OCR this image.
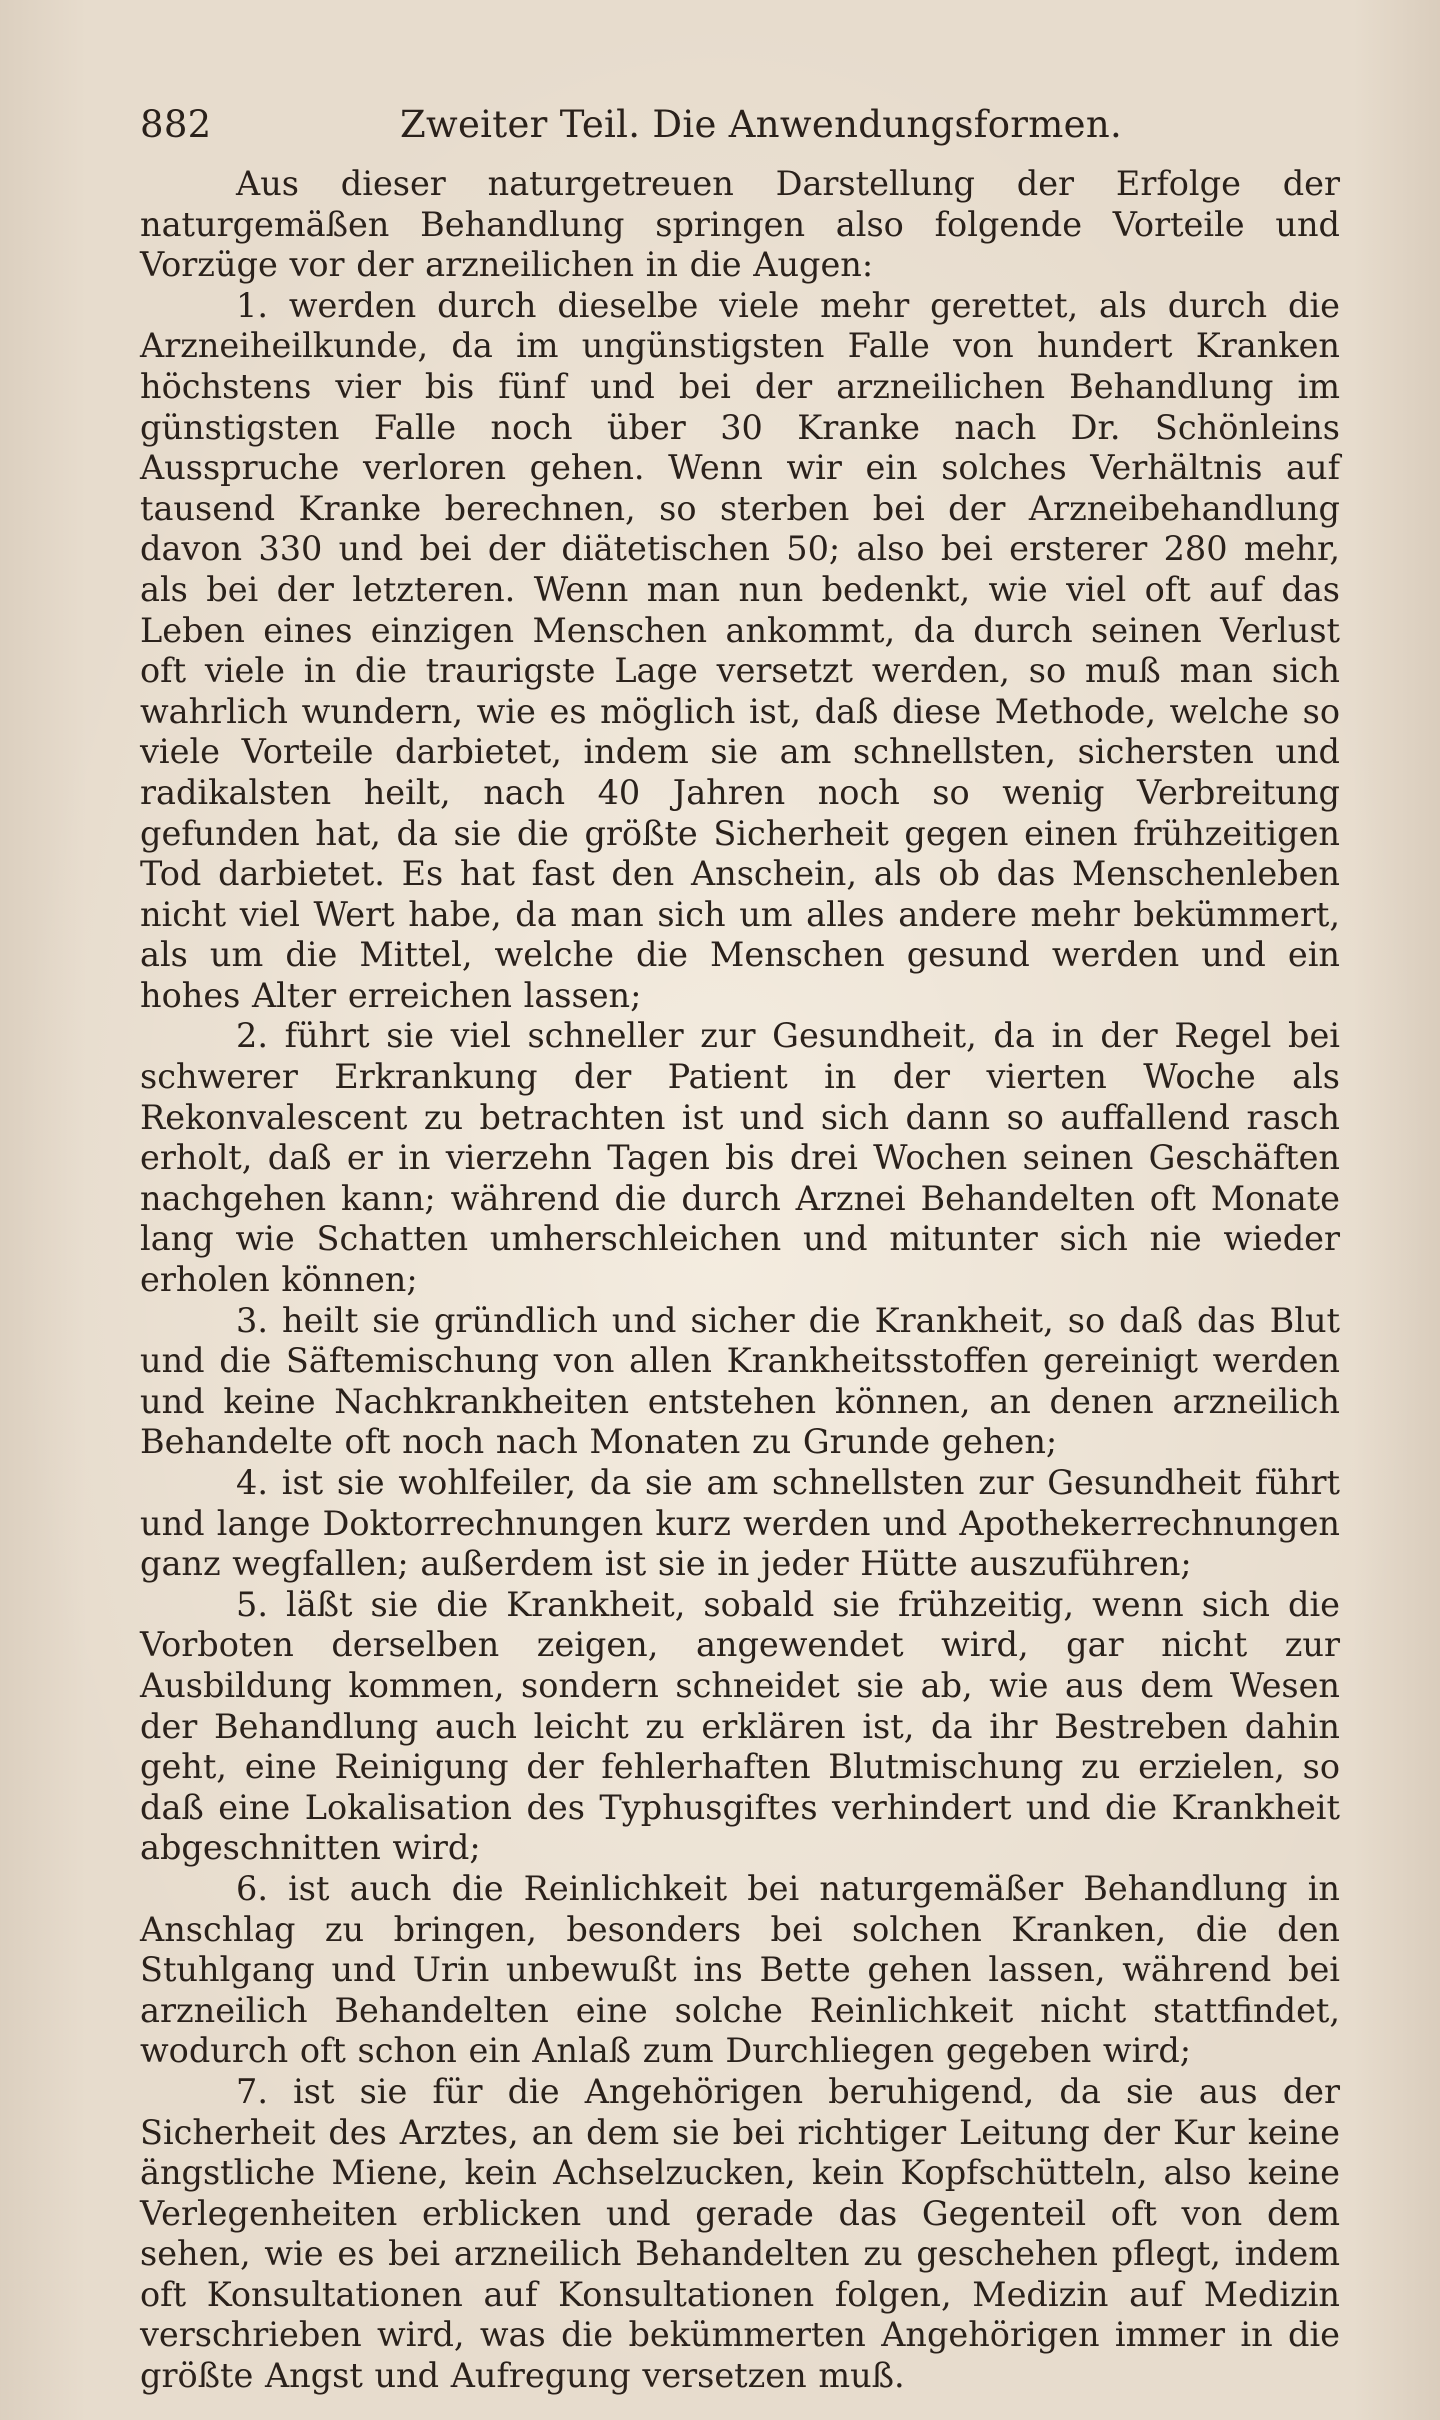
882	Zweiter Teil. Die Anwendungsformen.

Aus dieser naturgetreuen Darstellung der Erfolge der naturgemäßen Behandlung springen also folgende Vorteile und Vorzüge vor der arzneilichen in die Augen:

1. werden durch dieselbe viele mehr gerettet, als durch die Arzneiheilkunde, da im ungünstigsten Falle von hundert Kranken höchstens vier bis fünf und bei der arzneilichen Behandlung im günstigsten Falle noch über 30 Kranke nach Dr. Schönleins Ausspruche verloren gehen. Wenn wir ein solches Verhältnis auf tausend Kranke berechnen, so sterben bei der Arzneibehandlung davon 330 und bei der diätetischen 50; also bei ersterer 280 mehr, als bei der letzteren. Wenn man nun bedenkt, wie viel oft auf das Leben eines einzigen Menschen ankommt, da durch seinen Verlust oft viele in die traurigste Lage versetzt werden, so muß man sich wahrlich wundern, wie es möglich ist, daß diese Methode, welche so viele Vorteile darbietet, indem sie am schnellsten, sichersten und radikalsten heilt, nach 40 Jahren noch so wenig Verbreitung gefunden hat, da sie die größte Sicherheit gegen einen frühzeitigen Tod darbietet. Es hat fast den Anschein, als ob das Menschenleben nicht viel Wert habe, da man sich um alles andere mehr bekümmert, als um die Mittel, welche die Menschen gesund werden und ein hohes Alter erreichen lassen;

2. führt sie viel schneller zur Gesundheit, da in der Regel bei schwerer Erkrankung der Patient in der vierten Woche als Rekonvalescent zu betrachten ist und sich dann so auffallend rasch erholt, daß er in vierzehn Tagen bis drei Wochen seinen Geschäften nachgehen kann; während die durch Arznei Behandelten oft Monate lang wie Schatten umherschleichen und mitunter sich nie wieder erholen können;

3. heilt sie gründlich und sicher die Krankheit, so daß das Blut und die Säftemischung von allen Krankheitsstoffen gereinigt werden und keine Nachkrankheiten entstehen können, an denen arzneilich Behandelte oft noch nach Monaten zu Grunde gehen;

4. ist sie wohlfeiler, da sie am schnellsten zur Gesundheit führt und lange Doktorrechnungen kurz werden und Apothekerrechnungen ganz wegfallen; außerdem ist sie in jeder Hütte auszuführen;

5. läßt sie die Krankheit, sobald sie frühzeitig, wenn sich die Vorboten derselben zeigen, angewendet wird, gar nicht zur Ausbildung kommen, sondern schneidet sie ab, wie aus dem Wesen der Behandlung auch leicht zu erklären ist, da ihr Bestreben dahin geht, eine Reinigung der fehlerhaften Blutmischung zu erzielen, so daß eine Lokalisation des Typhusgiftes verhindert und die Krankheit abgeschnitten wird;

6. ist auch die Reinlichkeit bei naturgemäßer Behandlung in Anschlag zu bringen, besonders bei solchen Kranken, die den Stuhlgang und Urin unbewußt ins Bette gehen lassen, während bei arzneilich Behandelten eine solche Reinlichkeit nicht stattfindet, wodurch oft schon ein Anlaß zum Durchliegen gegeben wird;

7. ist sie für die Angehörigen beruhigend, da sie aus der Sicherheit des Arztes, an dem sie bei richtiger Leitung der Kur keine ängstliche Miene, kein Achselzucken, kein Kopfschütteln, also keine Verlegenheiten erblicken und gerade das Gegenteil oft von dem sehen, wie es bei arzneilich Behandelten zu geschehen pflegt, indem oft Konsultationen auf Konsultationen folgen, Medizin auf Medizin verschrieben wird, was die bekümmerten Angehörigen immer in die größte Angst und Aufregung versetzen muß.
